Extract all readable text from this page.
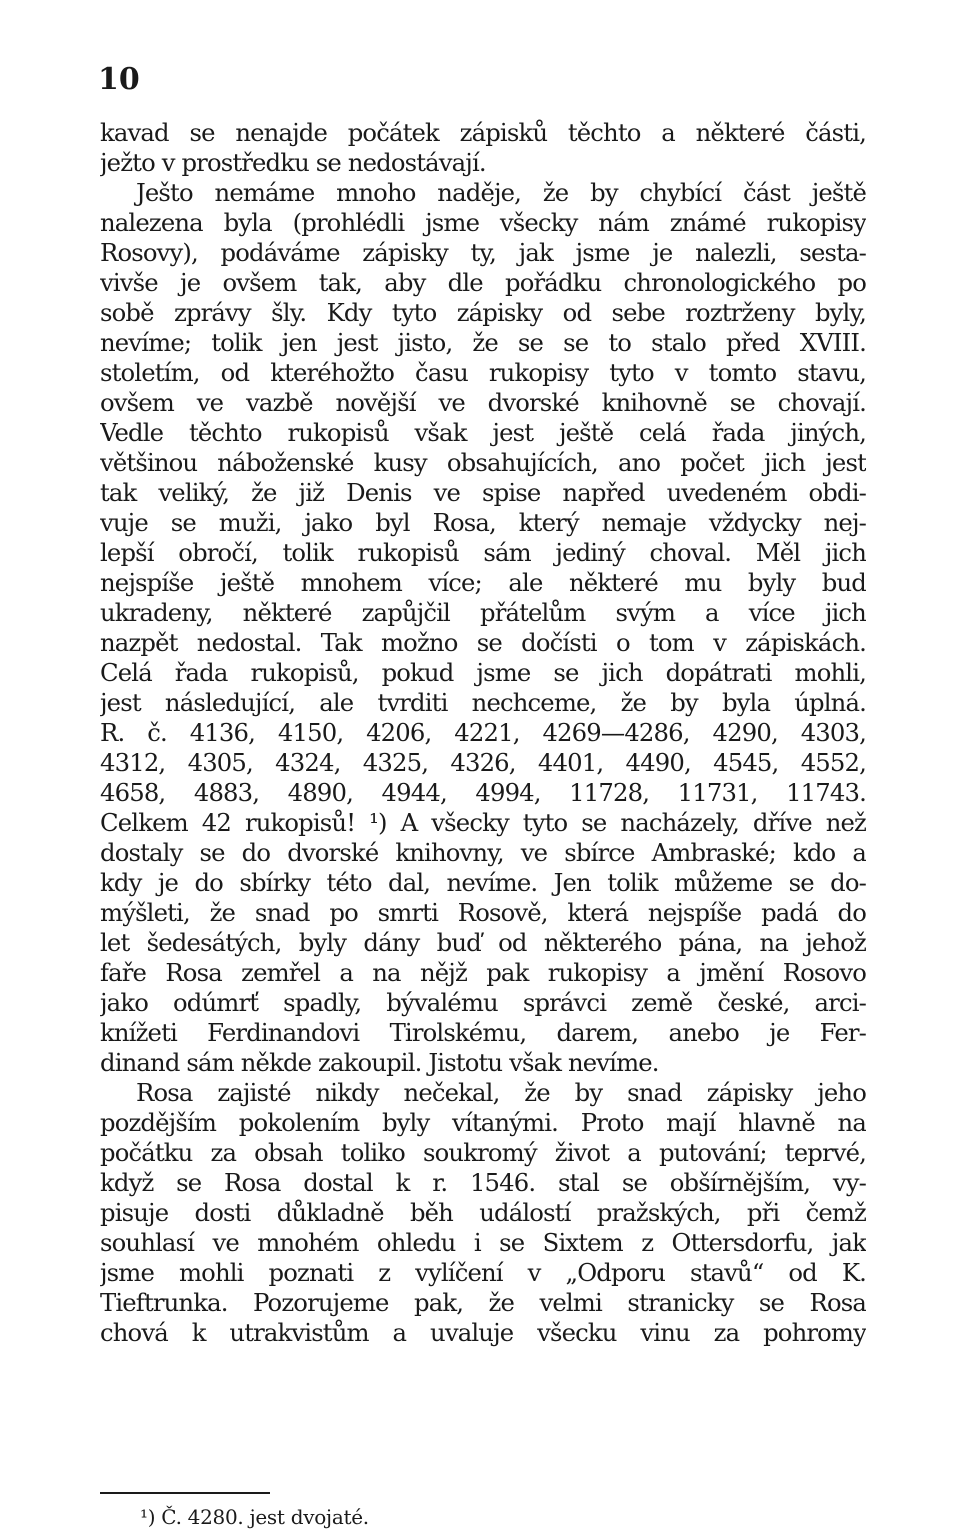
10
kavad se nenajde počátek zápisků těchto a některé části,
ježto v prostředku se nedostávají.
Ješto nemáme mnoho naděje, že by chybící část ještě
nalezena byla (prohlédli jsme všecky nám známé rukopisy
Rosovy), podáváme zápisky ty, jak jsme je nalezli, sesta-
vivše je ovšem tak, aby dle pořádku chronologického po
sobě zprávy šly. Kdy tyto zápisky od sebe roztrženy byly,
nevíme; tolik jen jest jisto, že se se to stalo před XVIII.
stoletím, od kteréhožto času rukopisy tyto v tomto stavu,
ovšem ve vazbě novější ve dvorské knihovně se chovají.
Vedle těchto rukopisů však jest ještě celá řada jiných,
většinou náboženské kusy obsahujících, ano počet jich jest
tak veliký, že již Denis ve spise napřed uvedeném obdi-
vuje se muži, jako byl Rosa, který nemaje vždycky nej-
lepší obročí, tolik rukopisů sám jediný choval. Měl jich
nejspíše ještě mnohem více; ale některé mu byly buď
ukradeny, některé zapůjčil přátelům svým a více jich
nazpět nedostal. Tak možno se dočísti o tom v zápiskách.
Celá řada rukopisů, pokud jsme se jich dopátrati mohli,
jest následující, ale tvrditi nechceme, že by byla úplná.
R. č. 4136, 4150, 4206, 4221, 4269—4286, 4290, 4303,
4312, 4305, 4324, 4325, 4326, 4401, 4490, 4545, 4552,
4658, 4883, 4890, 4944, 4994, 11728, 11731, 11743.
Celkem 42 rukopisů! ¹) A všecky tyto se nacházely, dříve než
dostaly se do dvorské knihovny, ve sbírce Ambraské; kdo a
kdy je do sbírky této dal, nevíme. Jen tolik můžeme se do-
mýšleti, že snad po smrti Rosově, která nejspíše padá do
let šedesátých, byly dány buď od některého pána, na jehož
faře Rosa zemřel a na nějž pak rukopisy a jmění Rosovo
jako odúmrť spadly, bývalému správci země české, arci-
knížeti Ferdinandovi Tirolskému, darem, anebo je Fer-
dinand sám někde zakoupil. Jistotu však nevíme.
Rosa zajisté nikdy nečekal, že by snad zápisky jeho
pozdějším pokolením byly vítanými. Proto mají hlavně na
počátku za obsah toliko soukromý život a putování; teprvé,
když se Rosa dostal k r. 1546. stal se obšírnějším, vy-
pisuje dosti důkladně běh událostí pražských, při čemž
souhlasí ve mnohém ohledu i se Sixtem z Ottersdorfu, jak
jsme mohli poznati z vylíčení v „Odporu stavů“ od K.
Tieftrunka. Pozorujeme pak, že velmi stranicky se Rosa
chová k utrakvistům a uvaluje všecku vinu za pohromy
¹) Č. 4280. jest dvojaté.
